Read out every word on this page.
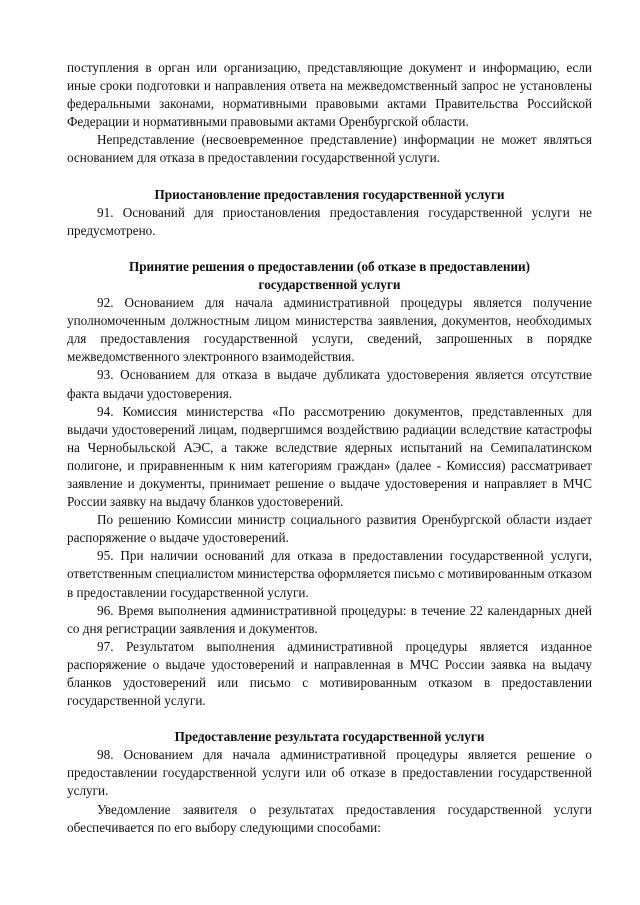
поступления в орган или организацию, представляющие документ и информацию, если иные сроки подготовки и направления ответа на межведомственный запрос не установлены федеральными законами, нормативными правовыми актами Правительства Российской Федерации и нормативными правовыми актами Оренбургской области.

Непредставление (несвоевременное представление) информации не может являться основанием для отказа в предоставлении государственной услуги.

Приостановление предоставления государственной услуги

91. Оснований для приостановления предоставления государственной услуги не предусмотрено.

Принятие решения о предоставлении (об отказе в предоставлении)
государственной услуги

92. Основанием для начала административной процедуры является получение уполномоченным должностным лицом министерства заявления, документов, необходимых для предоставления государственной услуги, сведений, запрошенных в порядке межведомственного электронного взаимодействия.

93. Основанием для отказа в выдаче дубликата удостоверения является отсутствие факта выдачи удостоверения.

94. Комиссия министерства «По рассмотрению документов, представленных для выдачи удостоверений лицам, подвергшимся воздействию радиации вследствие катастрофы на Чернобыльской АЭС, а также вследствие ядерных испытаний на Семипалатинском полигоне, и приравненным к ним категориям граждан» (далее - Комиссия) рассматривает заявление и документы, принимает решение о выдаче удостоверения и направляет в МЧС России заявку на выдачу бланков удостоверений.

По решению Комиссии министр социального развития Оренбургской области издает распоряжение о выдаче удостоверений.

95. При наличии оснований для отказа в предоставлении государственной услуги, ответственным специалистом министерства оформляется письмо с мотивированным отказом в предоставлении государственной услуги.

96. Время выполнения административной процедуры: в течение 22 календарных дней со дня регистрации заявления и документов.

97. Результатом выполнения административной процедуры является изданное распоряжение о выдаче удостоверений и направленная в МЧС России заявка на выдачу бланков удостоверений или письмо с мотивированным отказом в предоставлении государственной услуги.

Предоставление результата государственной услуги

98. Основанием для начала административной процедуры является решение о предоставлении государственной услуги или об отказе в предоставлении государственной услуги.

Уведомление заявителя о результатах предоставления государственной услуги обеспечивается по его выбору следующими способами:
